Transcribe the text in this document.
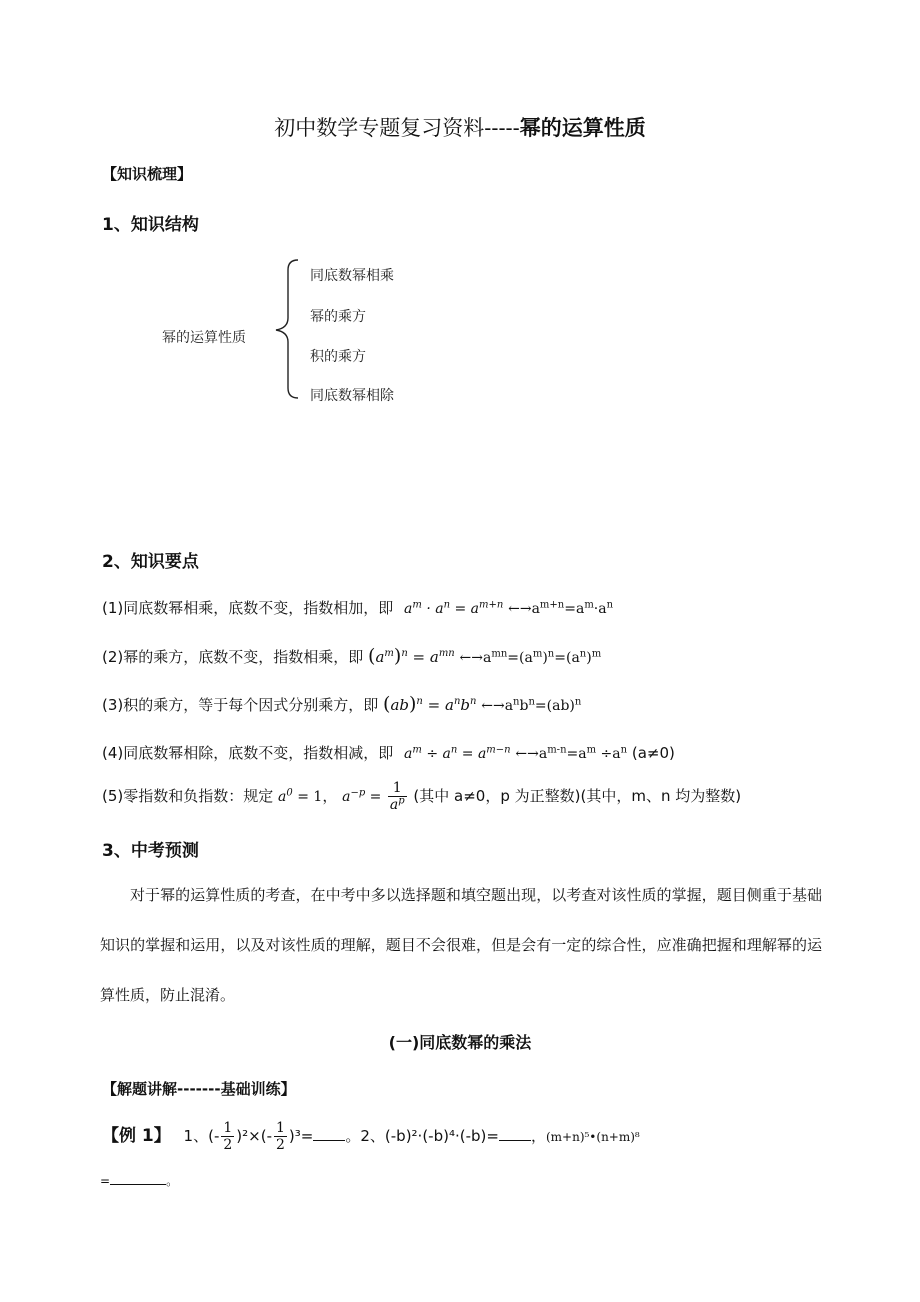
初中数学专题复习资料-----幂的运算性质
【知识梳理】
1、知识结构
幂的运算性质
同底数幂相乘
幂的乘方
积的乘方
同底数幂相除
2、知识要点
(1)同底数幂相乘，底数不变，指数相加，即 $a^m \cdot a^n = a^{m+n}$ $\leftarrow\to a^{m+n}=a^m\cdot a^n$
(2)幂的乘方，底数不变，指数相乘，即 $(a^m)^n = a^{mn}$ $\leftarrow\to a^{mn}=(a^m)^n=(a^n)^m$
(3)积的乘方，等于每个因式分别乘方，即 $(ab)^n = a^nb^n$ $\leftarrow\to a^nb^n=(ab)^n$
(4)同底数幂相除，底数不变，指数相减，即 $a^m \div a^n = a^{m-n}$ $\leftarrow\to a^{m-n}=a^m \div a^n$ (a≠0)
(5)零指数和负指数：规定 $a^0 = 1$， $a^{-p} = \frac{1}{a^p}$ (其中 a≠0，p 为正整数)(其中，m、n 均为整数)
3、中考预测
对于幂的运算性质的考查，在中考中多以选择题和填空题出现，以考查对该性质的掌握，题目侧重于基础知识的掌握和运用，以及对该性质的理解，题目不会很难，但是会有一定的综合性，应准确把握和理解幂的运算性质，防止混淆。
(一)同底数幂的乘法
【解题讲解-------基础训练】
【例 1】 1、(- $\frac{1}{2} )^2\times(- \frac{1}{2} )^3=$ 。2、(-b)²·(-b)⁴·(-b)= ，(m+n)⁵•(n+m)⁸
=	。
